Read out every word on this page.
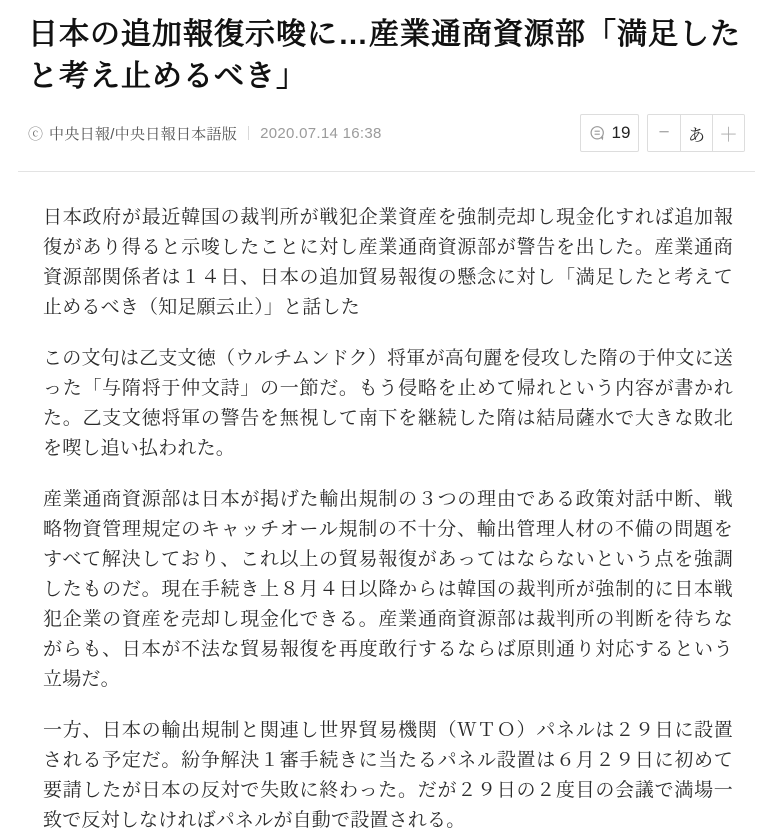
日本の追加報復示唆に…産業通商資源部「満足したと考え止めるべき」
ⓒ 中央日報/中央日報日本語版 2020.07.14 16:38	19	−	あ ＋

日本政府が最近韓国の裁判所が戦犯企業資産を強制売却し現金化すれば追加報復があり得ると示唆したことに対し産業通商資源部が警告を出した。産業通商資源部関係者は１４日、日本の追加貿易報復の懸念に対し「満足したと考えて止めるべき（知足願云止）」と話した

この文句は乙支文徳（ウルチムンドク）将軍が高句麗を侵攻した隋の于仲文に送った「与隋将于仲文詩」の一節だ。もう侵略を止めて帰れという内容が書かれた。乙支文徳将軍の警告を無視して南下を継続した隋は結局薩水で大きな敗北を喫し追い払われた。

産業通商資源部は日本が掲げた輸出規制の３つの理由である政策対話中断、戦略物資管理規定のキャッチオール規制の不十分、輸出管理人材の不備の問題をすべて解決しており、これ以上の貿易報復があってはならないという点を強調したものだ。現在手続き上８月４日以降からは韓国の裁判所が強制的に日本戦犯企業の資産を売却し現金化できる。産業通商資源部は裁判所の判断を待ちながらも、日本が不法な貿易報復を再度敢行するならば原則通り対応するという立場だ。

一方、日本の輸出規制と関連し世界貿易機関（ＷＴＯ）パネルは２９日に設置される予定だ。紛争解決１審手続きに当たるパネル設置は６月２９日に初めて要請したが日本の反対で失敗に終わった。だが２９日の２度目の会議で満場一致で反対しなければパネルが自動で設置される。
